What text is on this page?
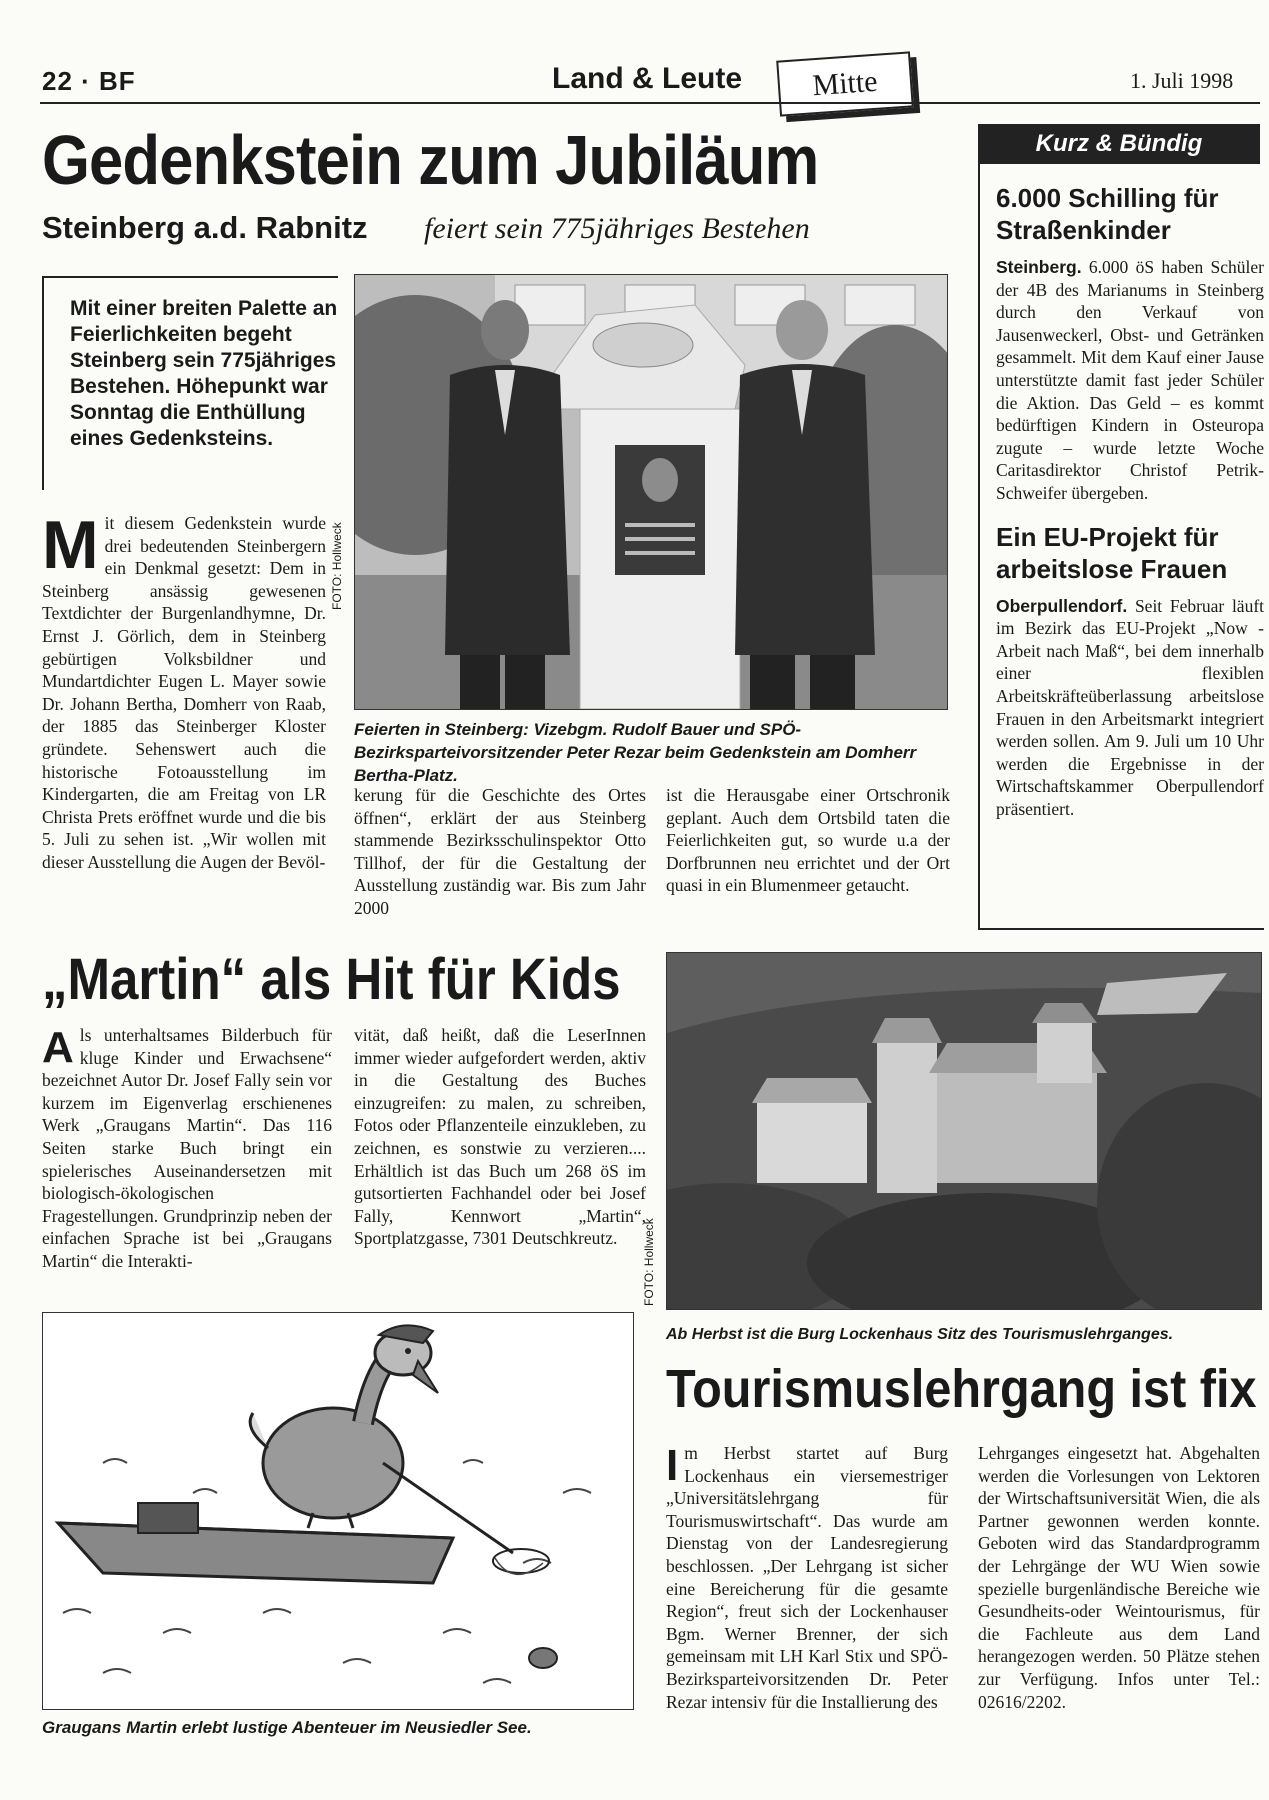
22 · BF	Land & Leute	Mitte	1. Juli 1998
Gedenkstein zum Jubiläum
Steinberg a.d. Rabnitz feiert sein 775jähriges Bestehen
Mit einer breiten Palette an Feierlichkeiten begeht Steinberg sein 775jähriges Bestehen. Höhepunkt war Sonntag die Enthüllung eines Gedenksteins.
Mit diesem Gedenkstein wurde drei bedeutenden Steinbergern ein Denkmal gesetzt: Dem in Steinberg ansässig gewesenen Textdichter der Burgenlandhymne, Dr. Ernst J. Görlich, dem in Steinberg gebürtigen Volksbildner und Mundartdichter Eugen L. Mayer sowie Dr. Johann Bertha, Domherr von Raab, der 1885 das Steinberger Kloster gründete. Sehenswert auch die historische Fotoausstellung im Kindergarten, die am Freitag von LR Christa Prets eröffnet wurde und die bis 5. Juli zu sehen ist. „Wir wollen mit dieser Ausstellung die Augen der Bevöl-
kerung für die Geschichte des Ortes öffnen“, erklärt der aus Steinberg stammende Bezirksschulinspektor Otto Tillhof, der für die Gestaltung der Ausstellung zuständig war. Bis zum Jahr 2000
ist die Herausgabe einer Ortschronik geplant. Auch dem Ortsbild taten die Feierlichkeiten gut, so wurde u.a der Dorfbrunnen neu errichtet und der Ort quasi in ein Blumenmeer getaucht.
FOTO: Hollweck
Feierten in Steinberg: Vizebgm. Rudolf Bauer und SPÖ-Bezirksparteivorsitzender Peter Rezar beim Gedenkstein am Domherr Bertha-Platz.
Kurz & Bündig
6.000 Schilling für Straßenkinder
Steinberg. 6.000 öS haben Schüler der 4B des Marianums in Steinberg durch den Verkauf von Jausenweckerl, Obst- und Getränken gesammelt. Mit dem Kauf einer Jause unterstützte damit fast jeder Schüler die Aktion. Das Geld – es kommt bedürftigen Kindern in Osteuropa zugute – wurde letzte Woche Caritasdirektor Christof Petrik-Schweifer übergeben.
Ein EU-Projekt für arbeitslose Frauen
Oberpullendorf. Seit Februar läuft im Bezirk das EU-Projekt „Now - Arbeit nach Maß“, bei dem innerhalb einer flexiblen Arbeitskräfteüberlassung arbeitslose Frauen in den Arbeitsmarkt integriert werden sollen. Am 9. Juli um 10 Uhr werden die Ergebnisse in der Wirtschaftskammer Oberpullendorf präsentiert.
„Martin“ als Hit für Kids
Als unterhaltsames Bilderbuch für kluge Kinder und Erwachsene“ bezeichnet Autor Dr. Josef Fally sein vor kurzem im Eigenverlag erschienenes Werk „Graugans Martin“. Das 116 Seiten starke Buch bringt ein spielerisches Auseinandersetzen mit biologisch-ökologischen Fragestellungen. Grundprinzip neben der einfachen Sprache ist bei „Graugans Martin“ die Interakti-
vität, daß heißt, daß die LeserInnen immer wieder aufgefordert werden, aktiv in die Gestaltung des Buches einzugreifen: zu malen, zu schreiben, Fotos oder Pflanzenteile einzukleben, zu zeichnen, es sonstwie zu verzieren.... Erhältlich ist das Buch um 268 öS im gutsortierten Fachhandel oder bei Josef Fally, Kennwort „Martin“, Sportplatzgasse, 7301 Deutschkreutz.	FOTO: Hollweck
Ab Herbst ist die Burg Lockenhaus Sitz des Tourismuslehrganges.
Graugans Martin erlebt lustige Abenteuer im Neusiedler See.
Tourismuslehrgang ist fix
Im Herbst startet auf Burg Lockenhaus ein viersemestriger „Universitätslehrgang für Tourismuswirtschaft“. Das wurde am Dienstag von der Landesregierung beschlossen. „Der Lehrgang ist sicher eine Bereicherung für die gesamte Region“, freut sich der Lockenhauser Bgm. Werner Brenner, der sich gemeinsam mit LH Karl Stix und SPÖ-Bezirksparteivorsitzenden Dr. Peter Rezar intensiv für die Installierung des
Lehrganges eingesetzt hat. Abgehalten werden die Vorlesungen von Lektoren der Wirtschaftsuniversität Wien, die als Partner gewonnen werden konnte. Geboten wird das Standardprogramm der Lehrgänge der WU Wien sowie spezielle burgenländische Bereiche wie Gesundheits-oder Weintourismus, für die Fachleute aus dem Land herangezogen werden. 50 Plätze stehen zur Verfügung. Infos unter Tel.: 02616/2202.
